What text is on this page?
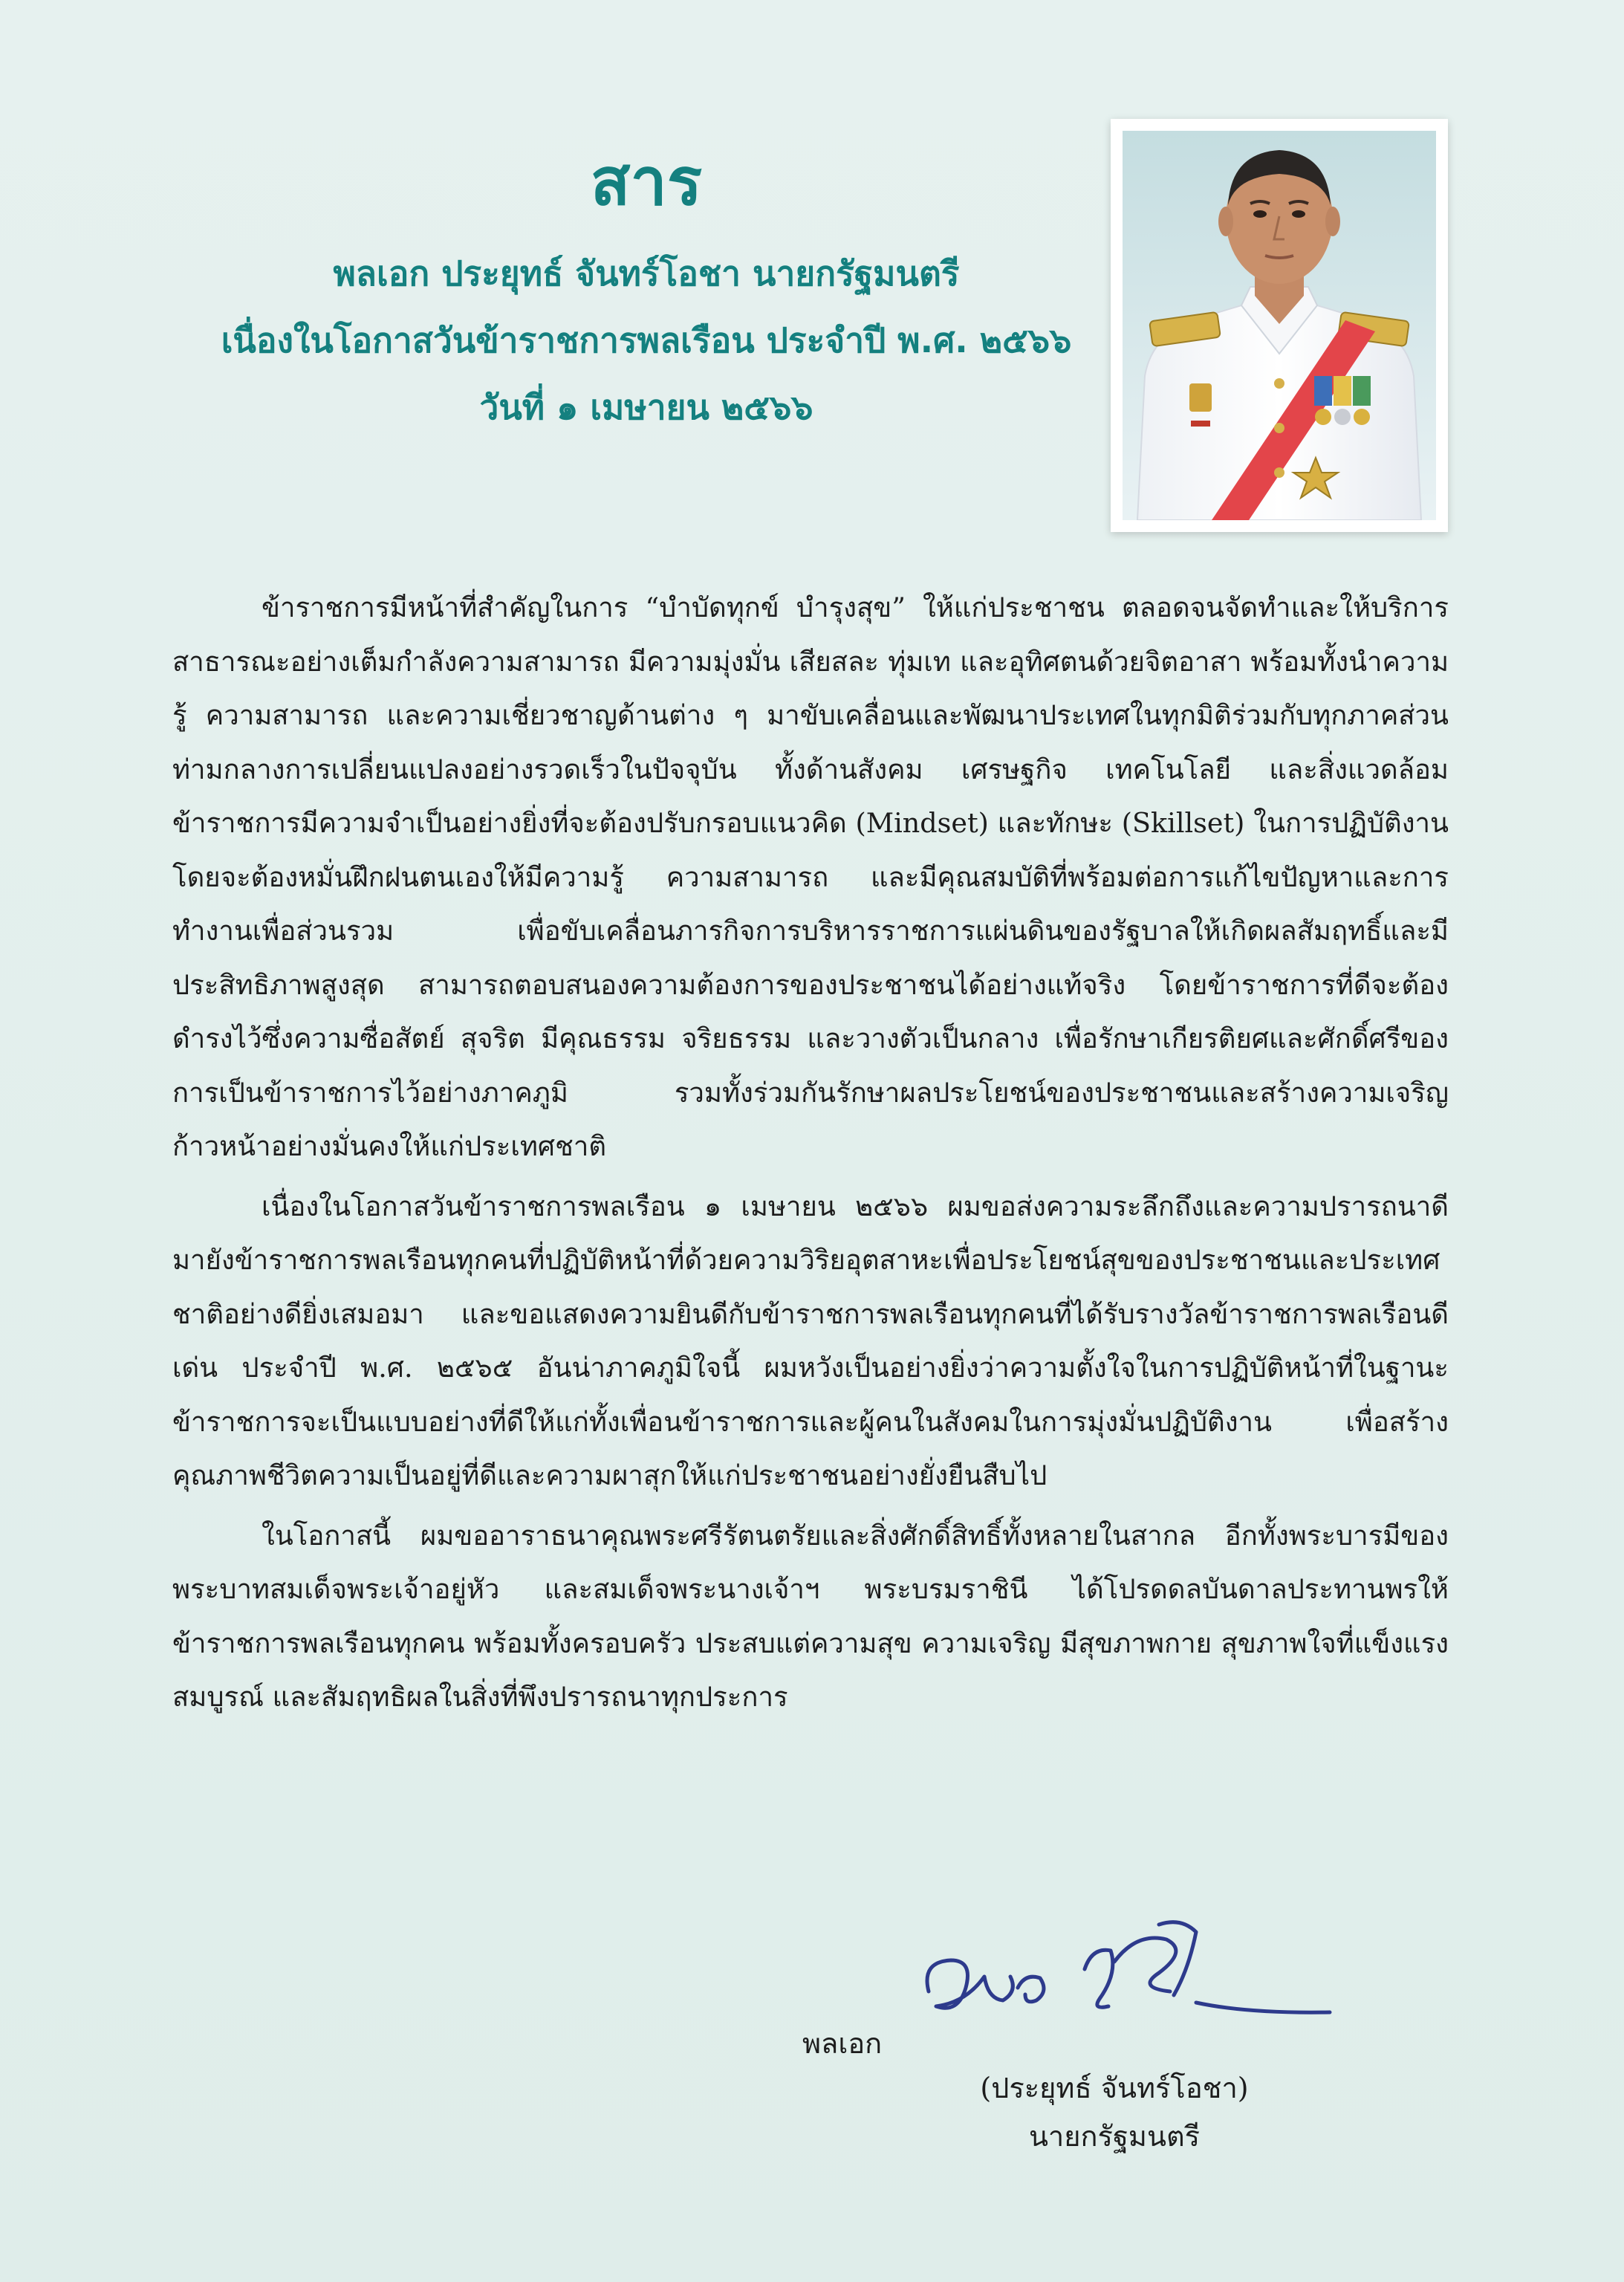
สาร
พลเอก ประยุทธ์ จันทร์โอชา นายกรัฐมนตรี
เนื่องในโอกาสวันข้าราชการพลเรือน ประจำปี พ.ศ. ๒๕๖๖
วันที่ ๑ เมษายน ๒๕๖๖

ข้าราชการมีหน้าที่สำคัญในการ “บำบัดทุกข์ บำรุงสุข” ให้แก่ประชาชน ตลอดจนจัดทำและให้บริการสาธารณะอย่างเต็มกำลังความสามารถ มีความมุ่งมั่น เสียสละ ทุ่มเท และอุทิศตนด้วยจิตอาสา พร้อมทั้งนำความรู้ ความสามารถ และความเชี่ยวชาญด้านต่าง ๆ มาขับเคลื่อนและพัฒนาประเทศในทุกมิติร่วมกับทุกภาคส่วน ท่ามกลางการเปลี่ยนแปลงอย่างรวดเร็วในปัจจุบัน ทั้งด้านสังคม เศรษฐกิจ เทคโนโลยี และสิ่งแวดล้อม ข้าราชการมีความจำเป็นอย่างยิ่งที่จะต้องปรับกรอบแนวคิด (Mindset) และทักษะ (Skillset) ในการปฏิบัติงาน โดยจะต้องหมั่นฝึกฝนตนเองให้มีความรู้ ความสามารถ และมีคุณสมบัติที่พร้อมต่อการแก้ไขปัญหาและการทำงานเพื่อส่วนรวม เพื่อขับเคลื่อนภารกิจการบริหารราชการแผ่นดินของรัฐบาลให้เกิดผลสัมฤทธิ์และมีประสิทธิภาพสูงสุด สามารถตอบสนองความต้องการของประชาชนได้อย่างแท้จริง โดยข้าราชการที่ดีจะต้องดำรงไว้ซึ่งความซื่อสัตย์ สุจริต มีคุณธรรม จริยธรรม และวางตัวเป็นกลาง เพื่อรักษาเกียรติยศและศักดิ์ศรีของการเป็นข้าราชการไว้อย่างภาคภูมิ รวมทั้งร่วมกันรักษาผลประโยชน์ของประชาชนและสร้างความเจริญก้าวหน้าอย่างมั่นคงให้แก่ประเทศชาติ

เนื่องในโอกาสวันข้าราชการพลเรือน ๑ เมษายน ๒๕๖๖ ผมขอส่งความระลึกถึงและความปรารถนาดีมายังข้าราชการพลเรือนทุกคนที่ปฏิบัติหน้าที่ด้วยความวิริยอุตสาหะเพื่อประโยชน์สุขของประชาชนและประเทศชาติอย่างดียิ่งเสมอมา และขอแสดงความยินดีกับข้าราชการพลเรือนทุกคนที่ได้รับรางวัลข้าราชการพลเรือนดีเด่น ประจำปี พ.ศ. ๒๕๖๕ อันน่าภาคภูมิใจนี้ ผมหวังเป็นอย่างยิ่งว่าความตั้งใจในการปฏิบัติหน้าที่ในฐานะข้าราชการจะเป็นแบบอย่างที่ดีให้แก่ทั้งเพื่อนข้าราชการและผู้คนในสังคมในการมุ่งมั่นปฏิบัติงาน เพื่อสร้างคุณภาพชีวิตความเป็นอยู่ที่ดีและความผาสุกให้แก่ประชาชนอย่างยั่งยืนสืบไป

ในโอกาสนี้ ผมขออาราธนาคุณพระศรีรัตนตรัยและสิ่งศักดิ์สิทธิ์ทั้งหลายในสากล อีกทั้งพระบารมีของพระบาทสมเด็จพระเจ้าอยู่หัว และสมเด็จพระนางเจ้าฯ พระบรมราชินี ได้โปรดดลบันดาลประทานพรให้ข้าราชการพลเรือนทุกคน พร้อมทั้งครอบครัว ประสบแต่ความสุข ความเจริญ มีสุขภาพกาย สุขภาพใจที่แข็งแรงสมบูรณ์ และสัมฤทธิผลในสิ่งที่พึงปรารถนาทุกประการ

พลเอก
(ประยุทธ์ จันทร์โอชา)
นายกรัฐมนตรี
